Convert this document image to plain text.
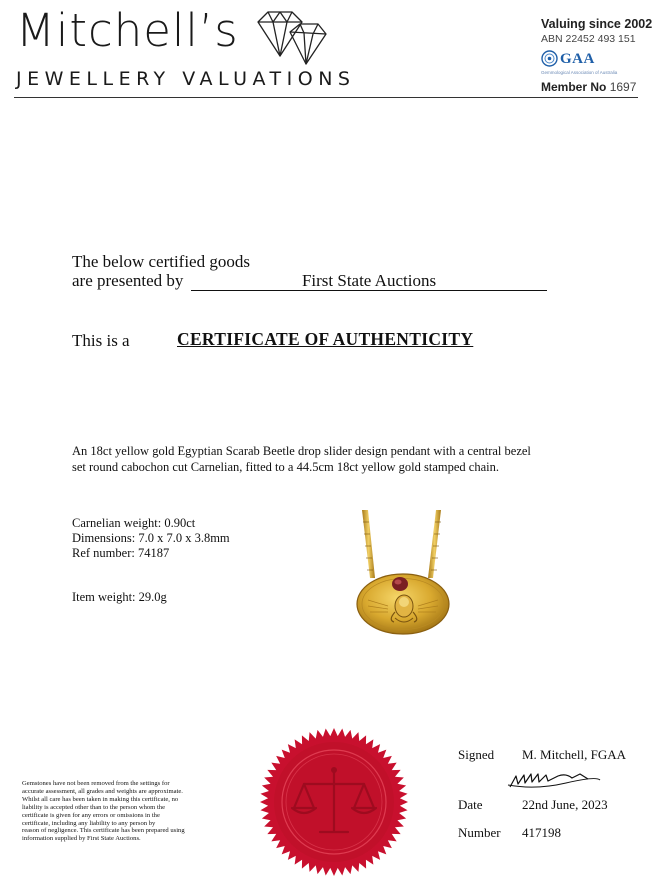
Mitchell’s
JEWELLERY VALUATIONS
Valuing since 2002
ABN 22452 493 151
GAA
Gemmological Association of Australia
Member No 1697
The below certified goods
are presented by	First State Auctions
This is a	CERTIFICATE OF AUTHENTICITY
An 18ct yellow gold Egyptian Scarab Beetle drop slider design pendant with a central bezel set round cabochon cut Carnelian, fitted to a 44.5cm 18ct yellow gold stamped chain.
Carnelian weight: 0.90ct
Dimensions: 7.0 x 7.0 x 3.8mm
Ref number: 74187
Item weight: 29.0g
Gemstones have not been removed from the settings for
accurate assessment, all grades and weights are approximate.
Whilst all care has been taken in making this certificate, no
liability is accepted other than to the person whom the
certificate is given for any errors or omissions in the
certificate, including any liability to any person by
reason of negligence. This certificate has been prepared using
information supplied by First State Auctions.
Signed M. Mitchell, FGAA
Date	22nd June, 2023
Number 417198
